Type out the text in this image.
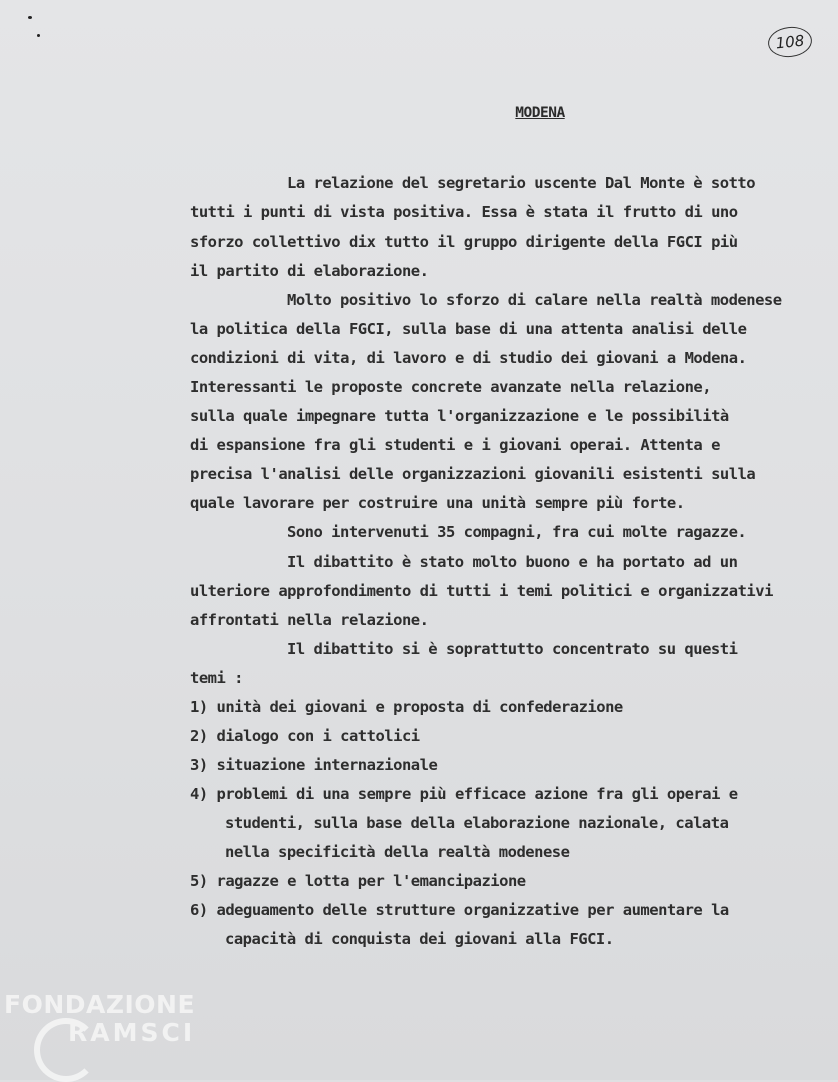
108
MODENA
La relazione del segretario uscente Dal Monte è sotto
tutti i punti di vista positiva. Essa è stata il frutto di uno
sforzo collettivo dix tutto il gruppo dirigente della FGCI più
il partito di elaborazione.
Molto positivo lo sforzo di calare nella realtà modenese
la politica della FGCI, sulla base di una attenta analisi delle
condizioni di vita, di lavoro e di studio dei giovani a Modena.
Interessanti le proposte concrete avanzate nella relazione,
sulla quale impegnare tutta l'organizzazione e le possibilità
di espansione fra gli studenti e i giovani operai. Attenta e
precisa l'analisi delle organizzazioni giovanili esistenti sulla
quale lavorare per costruire una unità sempre più forte.
Sono intervenuti 35 compagni, fra cui molte ragazze.
Il dibattito è stato molto buono e ha portato ad un
ulteriore approfondimento di tutti i temi politici e organizzativi
affrontati nella relazione.
Il dibattito si è soprattutto concentrato su questi
temi :
1) unità dei giovani e proposta di confederazione
2) dialogo con i cattolici
3) situazione internazionale
4) problemi di una sempre più efficace azione fra gli operai e
studenti, sulla base della elaborazione nazionale, calata
nella specificità della realtà modenese
5) ragazze e lotta per l'emancipazione
6) adeguamento delle strutture organizzative per aumentare la
capacità di conquista dei giovani alla FGCI.
FONDAZIONE
RAMSCI
